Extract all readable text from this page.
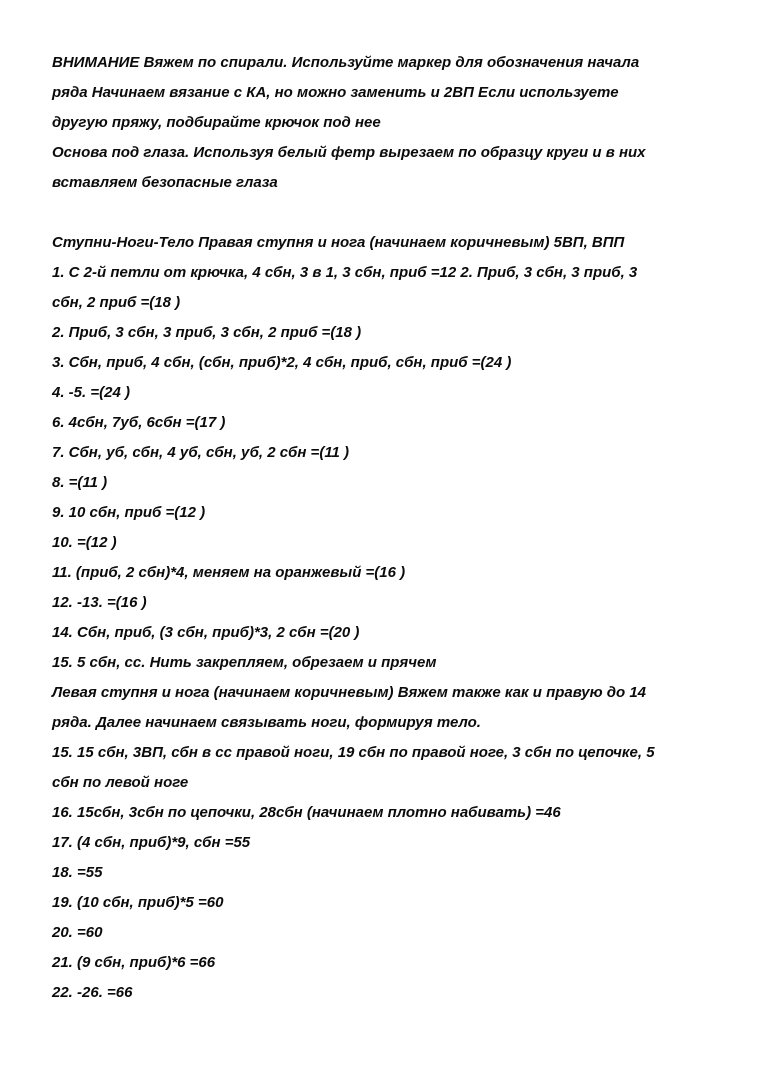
ВНИМАНИЕ Вяжем по спирали. Используйте маркер для обозначения начала
ряда Начинаем вязание с КА, но можно заменить и 2ВП Если используете
другую пряжу, подбирайте крючок под нее
Основа под глаза. Используя белый фетр вырезаем по образцу круги и в них
вставляем безопасные глаза
Ступни-Ноги-Тело Правая ступня и нога (начинаем коричневым) 5ВП, ВПП
1. С 2-й петли от крючка, 4 сбн, 3 в 1, 3 сбн, приб =12 2. Приб, 3 сбн, 3 приб, 3
сбн, 2 приб =(18 )
2. Приб, 3 сбн, 3 приб, 3 сбн, 2 приб =(18 )
3. Сбн, приб, 4 сбн, (сбн, приб)*2, 4 сбн, приб, сбн, приб =(24 )
4. -5. =(24 )
6. 4сбн, 7уб, 6сбн =(17 )
7. Сбн, уб, сбн, 4 уб, сбн, уб, 2 сбн =(11 )
8. =(11 )
9. 10 сбн, приб =(12 )
10. =(12 )
11. (приб, 2 сбн)*4, меняем на оранжевый =(16 )
12. -13. =(16 )
14. Сбн, приб, (3 сбн, приб)*3, 2 сбн =(20 )
15. 5 сбн, сс. Нить закрепляем, обрезаем и прячем
Левая ступня и нога (начинаем коричневым) Вяжем также как и правую до 14
ряда. Далее начинаем связывать ноги, формируя тело.
15. 15 сбн, 3ВП, сбн в сс правой ноги, 19 сбн по правой ноге, 3 сбн по цепочке, 5
сбн по левой ноге
16. 15сбн, 3сбн по цепочки, 28сбн (начинаем плотно набивать) =46
17. (4 сбн, приб)*9, сбн =55
18. =55
19. (10 сбн, приб)*5 =60
20. =60
21. (9 сбн, приб)*6 =66
22. -26. =66
